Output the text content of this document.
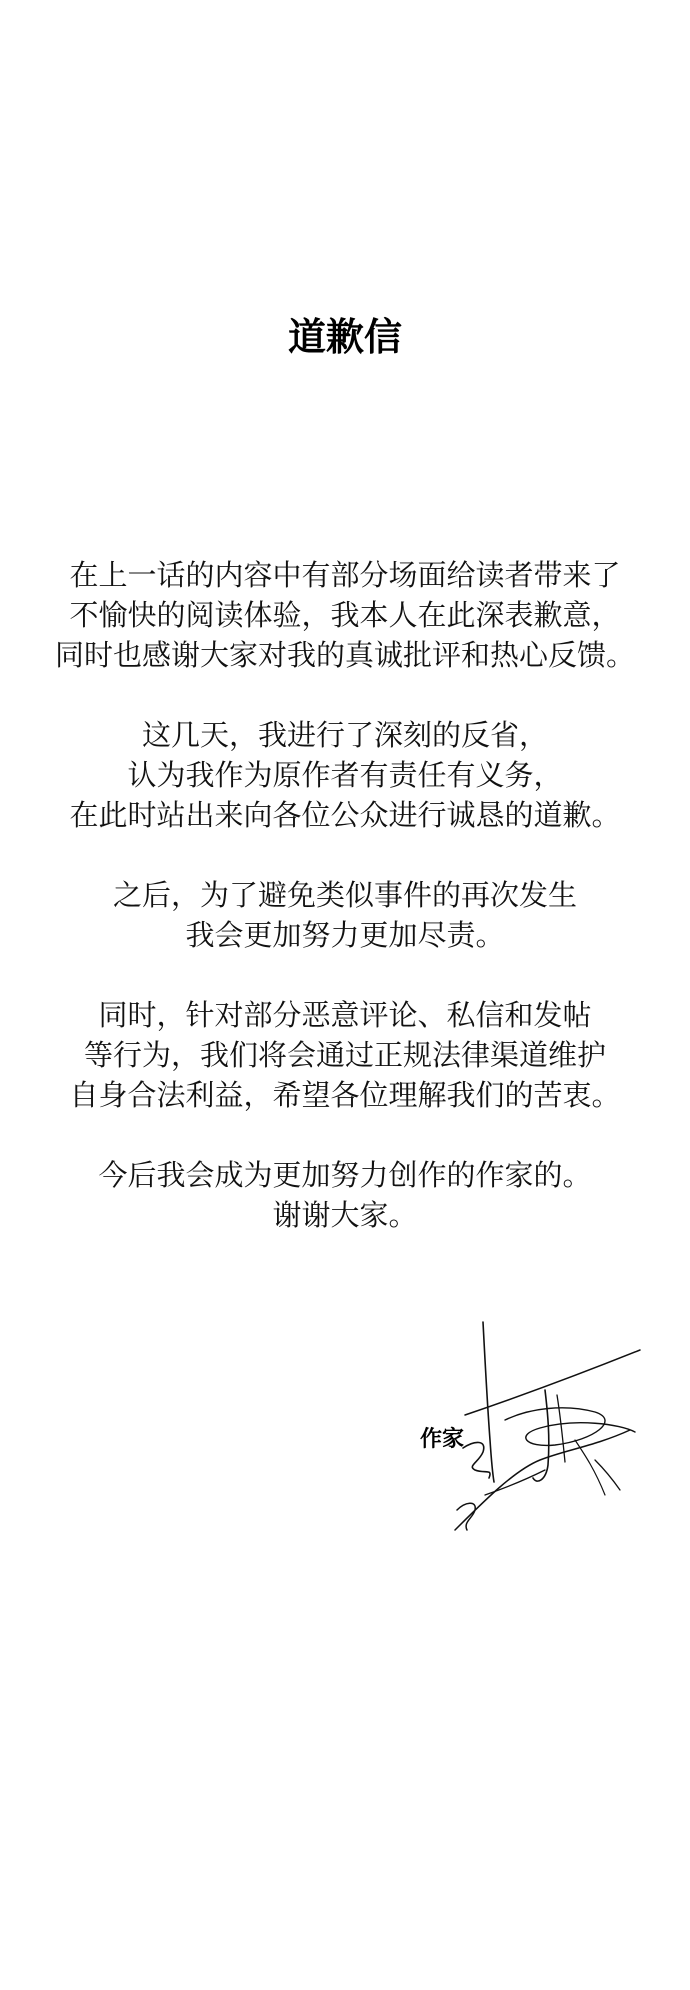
道歉信
在上一话的内容中有部分场面给读者带来了
不愉快的阅读体验，我本人在此深表歉意，
同时也感谢大家对我的真诚批评和热心反馈。
这几天，我进行了深刻的反省，
认为我作为原作者有责任有义务，
在此时站出来向各位公众进行诚恳的道歉。
之后，为了避免类似事件的再次发生
我会更加努力更加尽责。
同时，针对部分恶意评论、私信和发帖
等行为，我们将会通过正规法律渠道维护
自身合法利益，希望各位理解我们的苦衷。
今后我会成为更加努力创作的作家的。
谢谢大家。
作家
